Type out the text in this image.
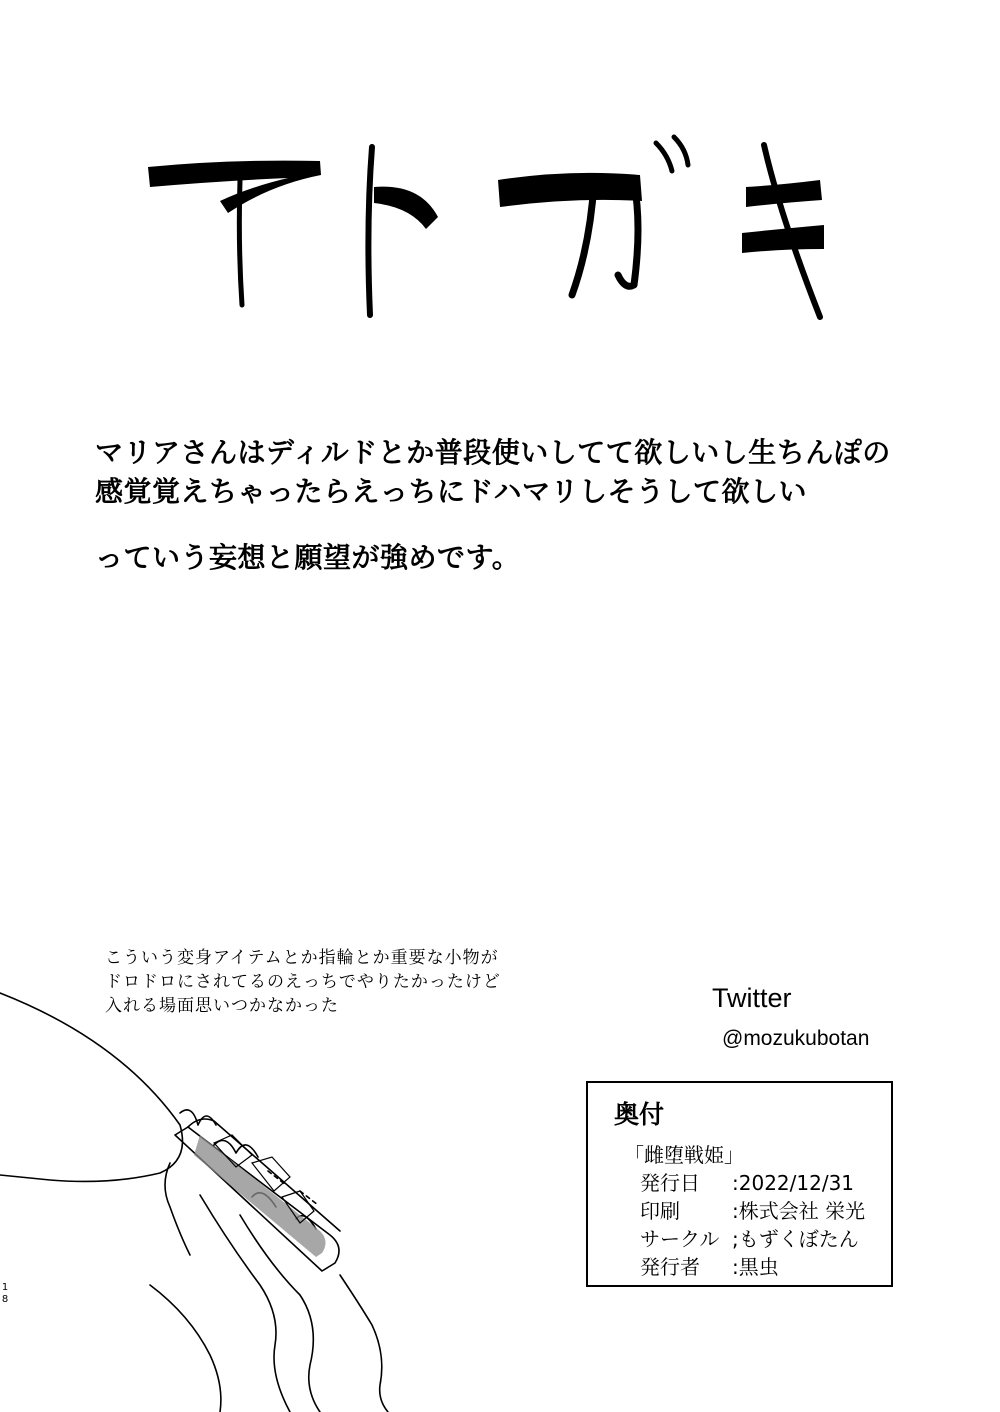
マリアさんはディルドとか普段使いしてて欲しいし生ちんぽの
感覚覚えちゃったらえっちにドハマリしそうして欲しい
っていう妄想と願望が強めです。
こういう変身アイテムとか指輪とか重要な小物が
ドロドロにされてるのえっちでやりたかったけど
入れる場面思いつかなかった	Twitter
@mozukubotan
奥付
「雌堕戦姫」
発行日	:2022/12/31
印刷	:株式会社 栄光
サークル ;もずくぼたん
発行者	:黒虫
1
8
